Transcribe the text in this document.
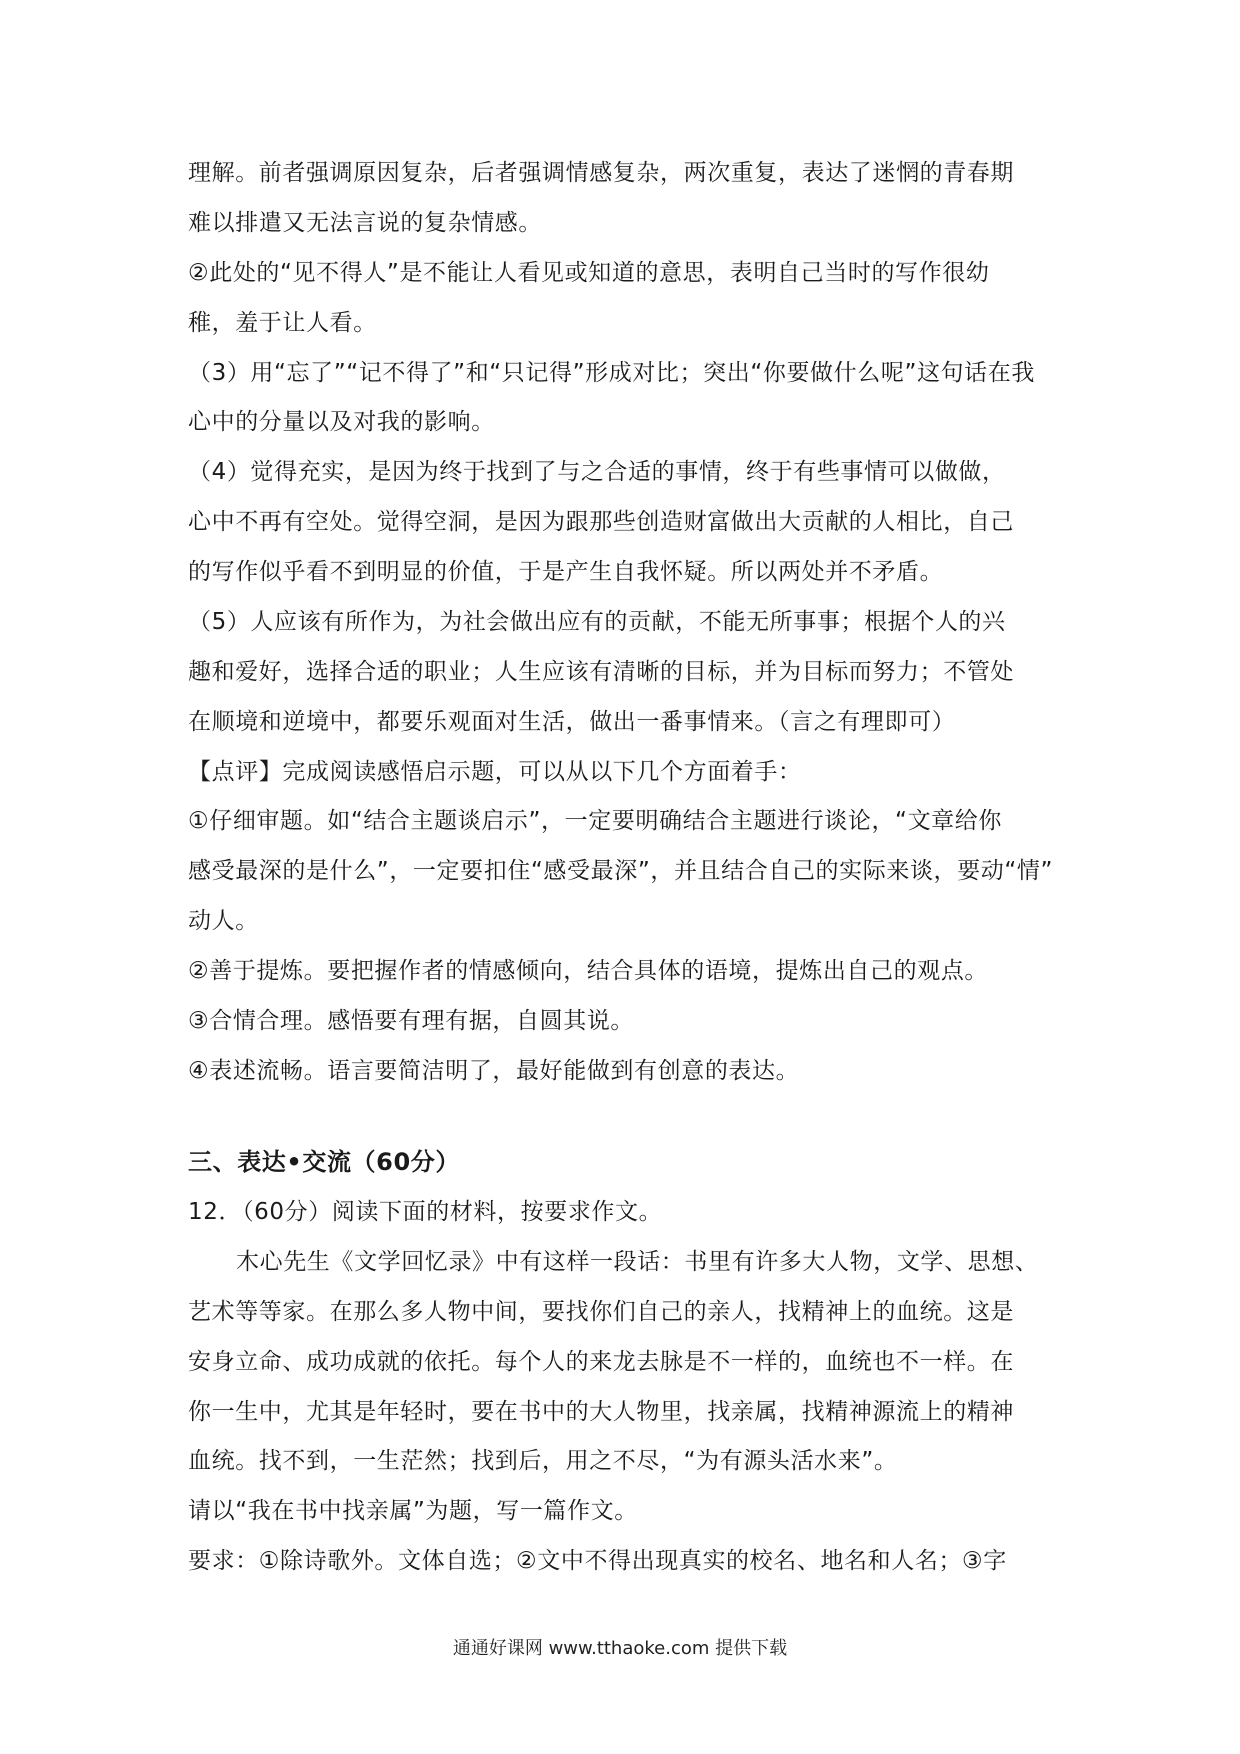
理解。前者强调原因复杂，后者强调情感复杂，两次重复，表达了迷惘的青春期
难以排遣又无法言说的复杂情感。
②此处的“见不得人”是不能让人看见或知道的意思，表明自己当时的写作很幼
稚，羞于让人看。
（3）用“忘了”“记不得了”和“只记得”形成对比；突出“你要做什么呢”这句话在我
心中的分量以及对我的影响。
（4）觉得充实，是因为终于找到了与之合适的事情，终于有些事情可以做做，
心中不再有空处。觉得空洞，是因为跟那些创造财富做出大贡献的人相比，自己
的写作似乎看不到明显的价值，于是产生自我怀疑。所以两处并不矛盾。
（5）人应该有所作为，为社会做出应有的贡献，不能无所事事；根据个人的兴
趣和爱好，选择合适的职业；人生应该有清晰的目标，并为目标而努力；不管处
在顺境和逆境中，都要乐观面对生活，做出一番事情来。（言之有理即可）
【点评】完成阅读感悟启示题，可以从以下几个方面着手：
①仔细审题。如“结合主题谈启示”，一定要明确结合主题进行谈论，“文章给你
感受最深的是什么”，一定要扣住“感受最深”，并且结合自己的实际来谈，要动“情”
动人。
②善于提炼。要把握作者的情感倾向，结合具体的语境，提炼出自己的观点。
③合情合理。感悟要有理有据，自圆其说。
④表述流畅。语言要简洁明了，最好能做到有创意的表达。
三、表达•交流（60分）
12．（60分）阅读下面的材料，按要求作文。
木心先生《文学回忆录》中有这样一段话：书里有许多大人物，文学、思想、
艺术等等家。在那么多人物中间，要找你们自己的亲人，找精神上的血统。这是
安身立命、成功成就的依托。每个人的来龙去脉是不一样的，血统也不一样。在
你一生中，尤其是年轻时，要在书中的大人物里，找亲属，找精神源流上的精神
血统。找不到，一生茫然；找到后，用之不尽，“为有源头活水来”。
请以“我在书中找亲属”为题，写一篇作文。
要求：①除诗歌外。文体自选；②文中不得出现真实的校名、地名和人名；③字
通通好课网 www.tthaoke.com 提供下载
